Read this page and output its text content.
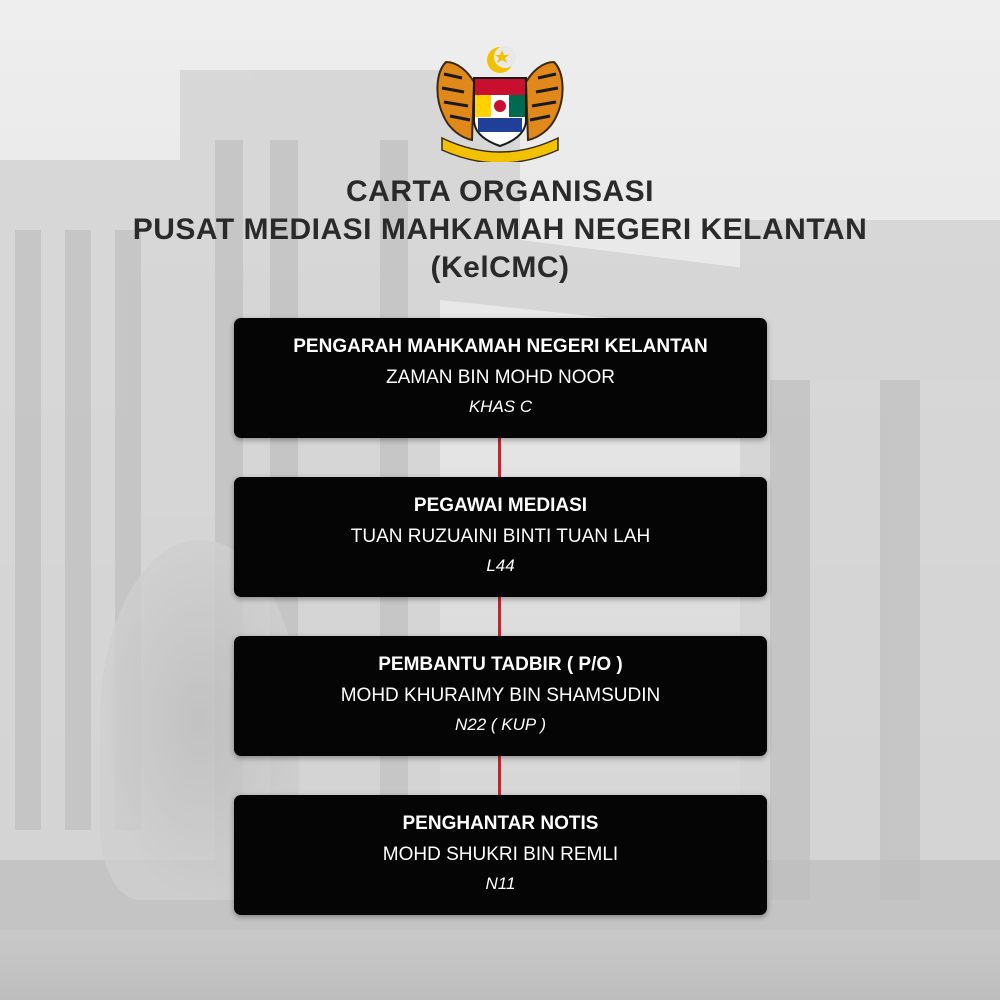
CARTA ORGANISASI
PUSAT MEDIASI MAHKAMAH NEGERI KELANTAN
(KelCMC)
PENGARAH MAHKAMAH NEGERI KELANTAN
ZAMAN BIN MOHD NOOR
KHAS C
PEGAWAI MEDIASI
TUAN RUZUAINI BINTI TUAN LAH
L44
PEMBANTU TADBIR ( P/O )
MOHD KHURAIMY BIN SHAMSUDIN
N22 ( KUP )
PENGHANTAR NOTIS
MOHD SHUKRI BIN REMLI
N11
